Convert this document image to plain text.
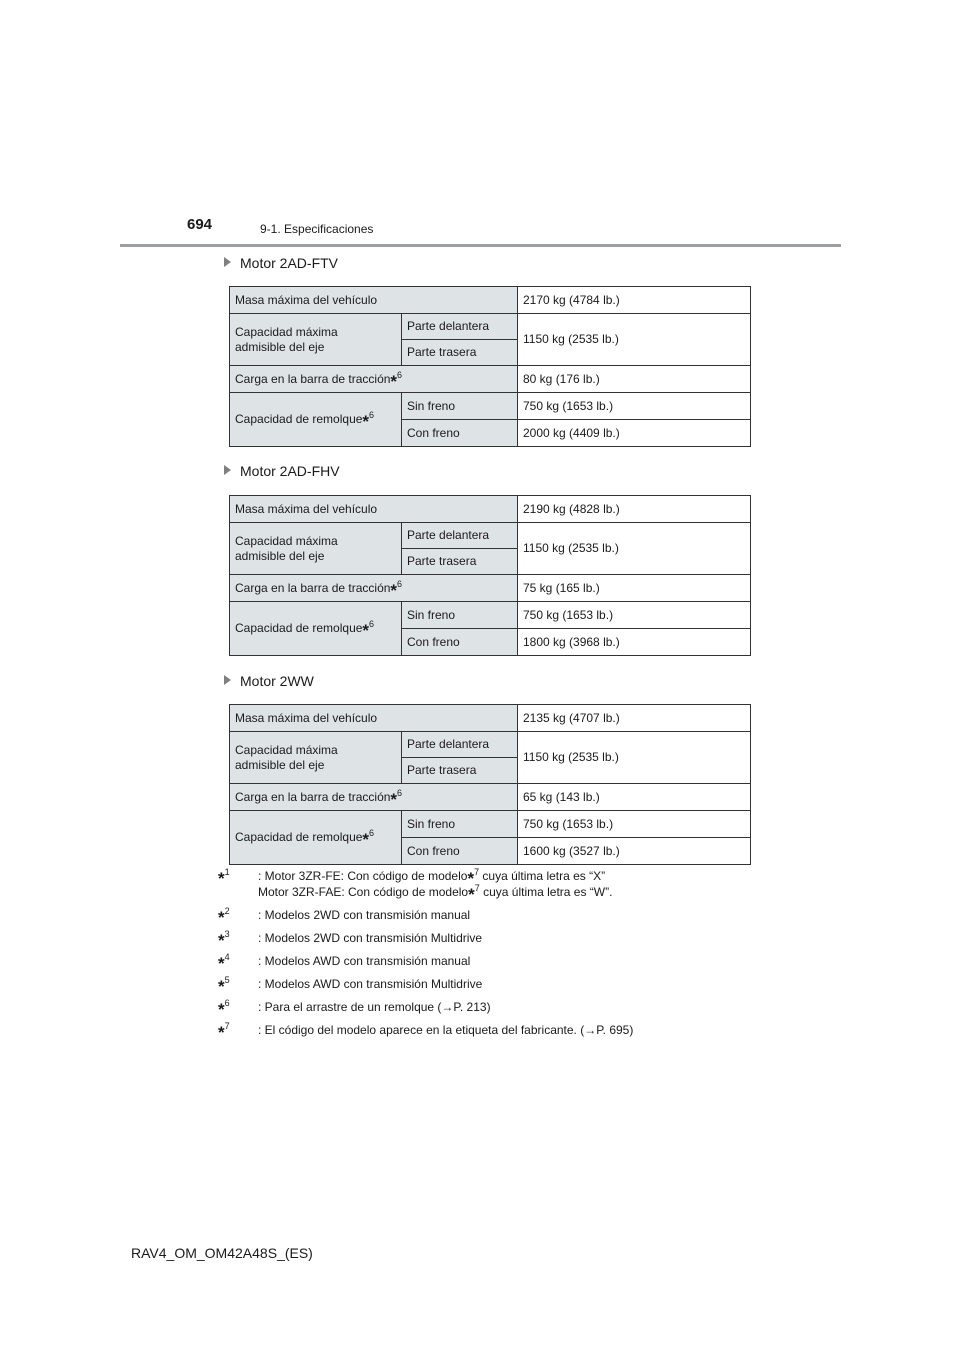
694	9-1. Especificaciones
Motor 2AD-FTV
Masa máxima del vehículo		2170 kg (4784 lb.)
Capacidad máxima
admisible del eje	Parte delantera	1150 kg (2535 lb.)
	Parte trasera	
Carga en la barra de tracción*$^6$		80 kg (176 lb.)
Capacidad de remolque*$^6$	Sin freno	750 kg (1653 lb.)
	Con freno	2000 kg (4409 lb.)
Motor 2AD-FHV
Masa máxima del vehículo		2190 kg (4828 lb.)
Capacidad máxima
admisible del eje	Parte delantera	1150 kg (2535 lb.)
	Parte trasera	
Carga en la barra de tracción*$^6$		75 kg (165 lb.)
Capacidad de remolque*$^6$	Sin freno	750 kg (1653 lb.)
	Con freno	1800 kg (3968 lb.)
Motor 2WW
Masa máxima del vehículo		2135 kg (4707 lb.)
Capacidad máxima
admisible del eje	Parte delantera	1150 kg (2535 lb.)
	Parte trasera	
Carga en la barra de tracción*$^6$		65 kg (143 lb.)
Capacidad de remolque*$^6$	Sin freno	750 kg (1653 lb.)
	Con freno	1600 kg (3527 lb.)
*$^1$ : Motor 3ZR-FE: Con código de modelo*$^7$ cuya última letra es “X”
Motor 3ZR-FAE: Con código de modelo*$^7$ cuya última letra es “W”.
*$^2$ : Modelos 2WD con transmisión manual
*$^3$ : Modelos 2WD con transmisión Multidrive
*$^4$ : Modelos AWD con transmisión manual
*$^5$ : Modelos AWD con transmisión Multidrive
*$^6$ : Para el arrastre de un remolque (→P. 213)
*$^7$ : El código del modelo aparece en la etiqueta del fabricante. (→P. 695)
RAV4_OM_OM42A48S_(ES)
